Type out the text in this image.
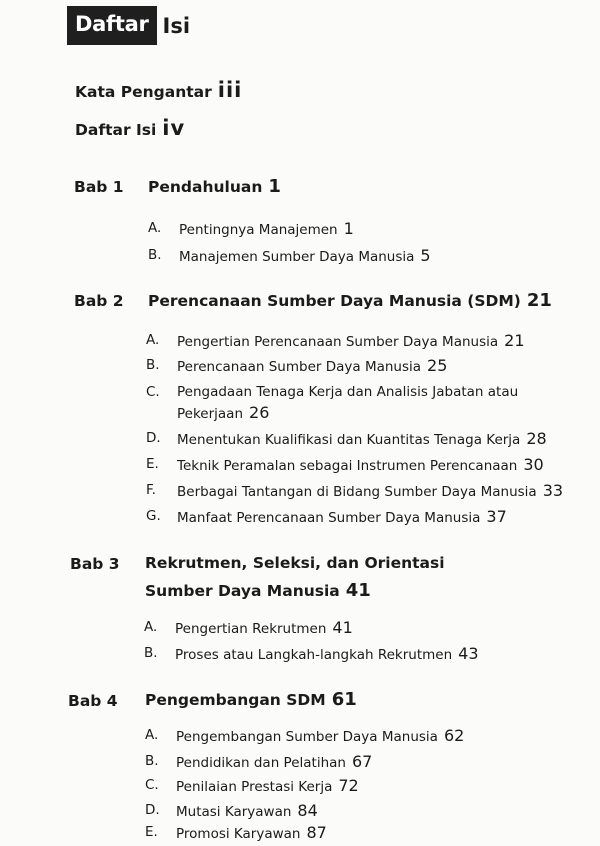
Daftar Isi
Kata Pengantar iii
Daftar Isi iv
Bab 1 Pendahuluan 1
A.	Pentingnya Manajemen 1
B.	Manajemen Sumber Daya Manusia 5
Bab 2 Perencanaan Sumber Daya Manusia (SDM) 21
A.	Pengertian Perencanaan Sumber Daya Manusia 21
B.	Perencanaan Sumber Daya Manusia 25
C.	Pengadaan Tenaga Kerja dan Analisis Jabatan atau
Pekerjaan 26
D.	Menentukan Kualifikasi dan Kuantitas Tenaga Kerja 28
E.	Teknik Peramalan sebagai Instrumen Perencanaan 30
F.	Berbagai Tantangan di Bidang Sumber Daya Manusia 33
G.	Manfaat Perencanaan Sumber Daya Manusia 37
Bab 3 Rekrutmen, Seleksi, dan Orientasi
Sumber Daya Manusia 41
A.	Pengertian Rekrutmen 41
B.	Proses atau Langkah-langkah Rekrutmen 43
Bab 4 Pengembangan SDM 61
A.	Pengembangan Sumber Daya Manusia 62
B.	Pendidikan dan Pelatihan 67
C.	Penilaian Prestasi Kerja 72
D.	Mutasi Karyawan 84
E.	Promosi Karyawan 87
